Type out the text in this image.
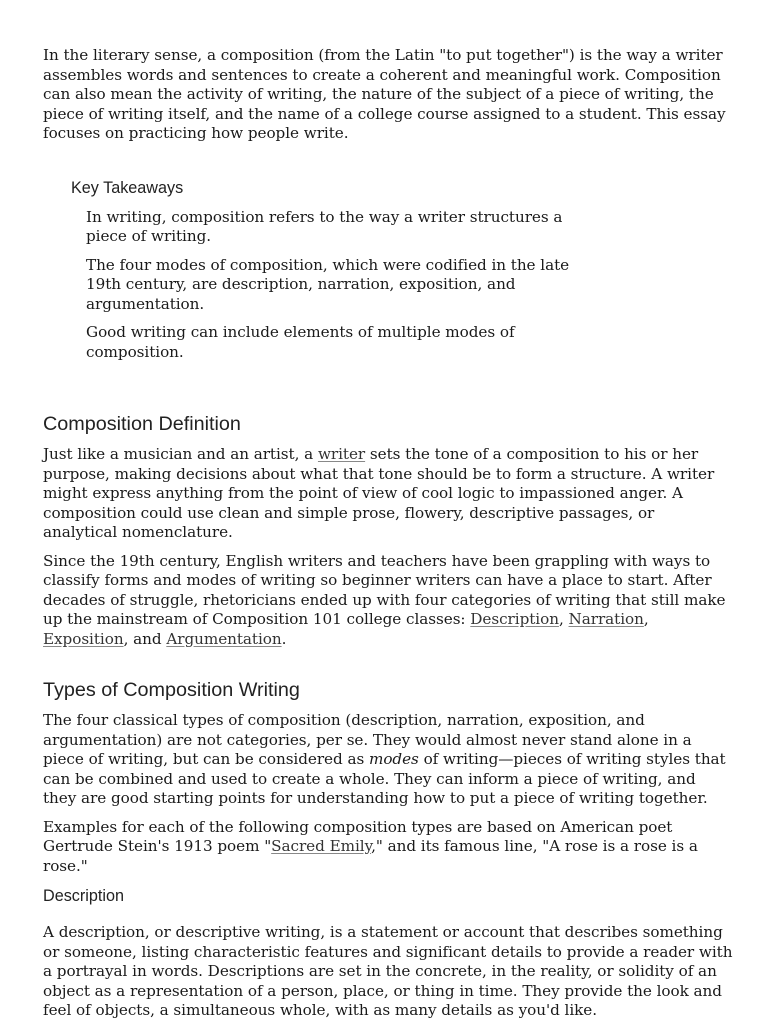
In the literary sense, a composition (from the Latin "to put together") is the way a writer assembles words and sentences to create a coherent and meaningful work. Composition can also mean the activity of writing, the nature of the subject of a piece of writing, the piece of writing itself, and the name of a college course assigned to a student. This essay focuses on practicing how people write.

Key Takeaways

In writing, composition refers to the way a writer structures a piece of writing.

The four modes of composition, which were codified in the late 19th century, are description, narration, exposition, and argumentation.

Good writing can include elements of multiple modes of composition.

Composition Definition

Just like a musician and an artist, a writer sets the tone of a composition to his or her purpose, making decisions about what that tone should be to form a structure. A writer might express anything from the point of view of cool logic to impassioned anger. A composition could use clean and simple prose, flowery, descriptive passages, or analytical nomenclature.

Since the 19th century, English writers and teachers have been grappling with ways to classify forms and modes of writing so beginner writers can have a place to start. After decades of struggle, rhetoricians ended up with four categories of writing that still make up the mainstream of Composition 101 college classes: Description, Narration, Exposition, and Argumentation.

Types of Composition Writing

The four classical types of composition (description, narration, exposition, and argumentation) are not categories, per se. They would almost never stand alone in a piece of writing, but can be considered as modes of writing—pieces of writing styles that can be combined and used to create a whole. They can inform a piece of writing, and they are good starting points for understanding how to put a piece of writing together.

Examples for each of the following composition types are based on American poet Gertrude Stein's 1913 poem "Sacred Emily," and its famous line, "A rose is a rose is a rose."

Description

A description, or descriptive writing, is a statement or account that describes something or someone, listing characteristic features and significant details to provide a reader with a portrayal in words. Descriptions are set in the concrete, in the reality, or solidity of an object as a representation of a person, place, or thing in time. They provide the look and feel of objects, a simultaneous whole, with as many details as you'd like.
